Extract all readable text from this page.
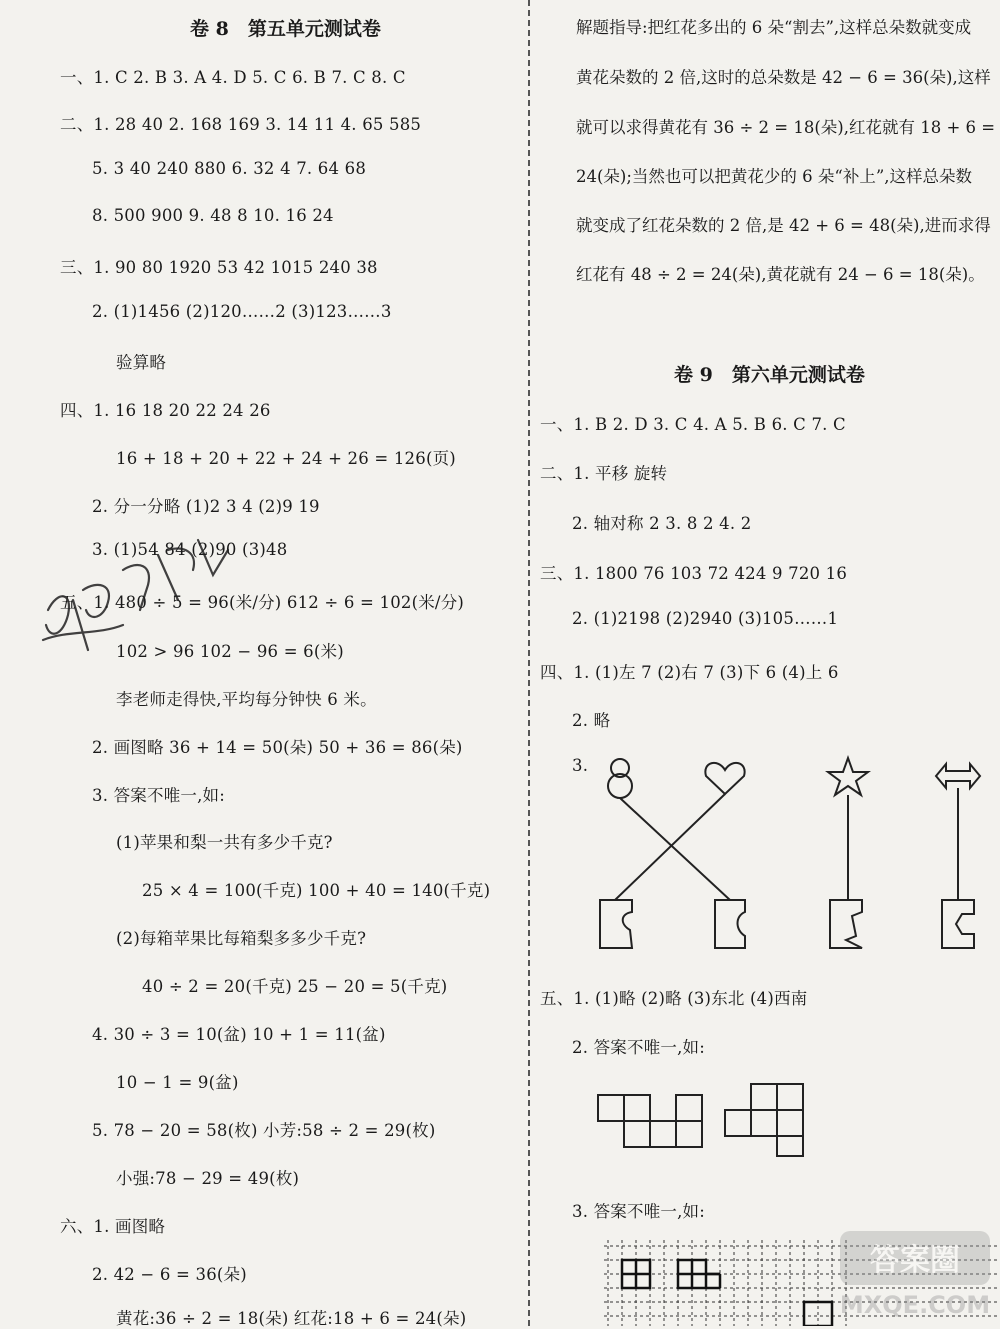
卷 8　第五单元测试卷
一、1. C 2. B 3. A 4. D 5. C 6. B 7. C 8. C
二、1. 28 40 2. 168 169 3. 14 11 4. 65 585
5. 3 40 240 880 6. 32 4 7. 64 68
8. 500 900 9. 48 8 10. 16 24
三、1. 90 80 1920 53 42 1015 240 38
2. (1)1456 (2)120……2 (3)123……3
验算略
四、1. 16 18 20 22 24 26
16 + 18 + 20 + 22 + 24 + 26 = 126(页)
2. 分一分略 (1)2 3 4 (2)9 19
3. (1)54 84 (2)90 (3)48
五、1. 480 ÷ 5 = 96(米/分) 612 ÷ 6 = 102(米/分)
102 > 96 102 − 96 = 6(米)
李老师走得快,平均每分钟快 6 米。
2. 画图略 36 + 14 = 50(朵) 50 + 36 = 86(朵)
3. 答案不唯一,如:
(1)苹果和梨一共有多少千克?
25 × 4 = 100(千克) 100 + 40 = 140(千克)
(2)每箱苹果比每箱梨多多少千克?
40 ÷ 2 = 20(千克) 25 − 20 = 5(千克)
4. 30 ÷ 3 = 10(盆) 10 + 1 = 11(盆)
10 − 1 = 9(盆)
5. 78 − 20 = 58(枚) 小芳:58 ÷ 2 = 29(枚)
小强:78 − 29 = 49(枚)
六、1. 画图略
2. 42 − 6 = 36(朵)
黄花:36 ÷ 2 = 18(朵) 红花:18 + 6 = 24(朵)
解题指导:把红花多出的 6 朵“割去”,这样总朵数就变成
黄花朵数的 2 倍,这时的总朵数是 42 − 6 = 36(朵),这样
就可以求得黄花有 36 ÷ 2 = 18(朵),红花就有 18 + 6 =
24(朵);当然也可以把黄花少的 6 朵“补上”,这样总朵数
就变成了红花朵数的 2 倍,是 42 + 6 = 48(朵),进而求得
红花有 48 ÷ 2 = 24(朵),黄花就有 24 − 6 = 18(朵)。
卷 9　第六单元测试卷
一、1. B 2. D 3. C 4. A 5. B 6. C 7. C
二、1. 平移 旋转
2. 轴对称 2 3. 8 2 4. 2
三、1. 1800 76 103 72 424 9 720 16
2. (1)2198 (2)2940 (3)105……1
四、1. (1)左 7 (2)右 7 (3)下 6 (4)上 6
2. 略
3.
五、1. (1)略 (2)略 (3)东北 (4)西南
2. 答案不唯一,如:
3. 答案不唯一,如:
答案圈
MXQE.COM
